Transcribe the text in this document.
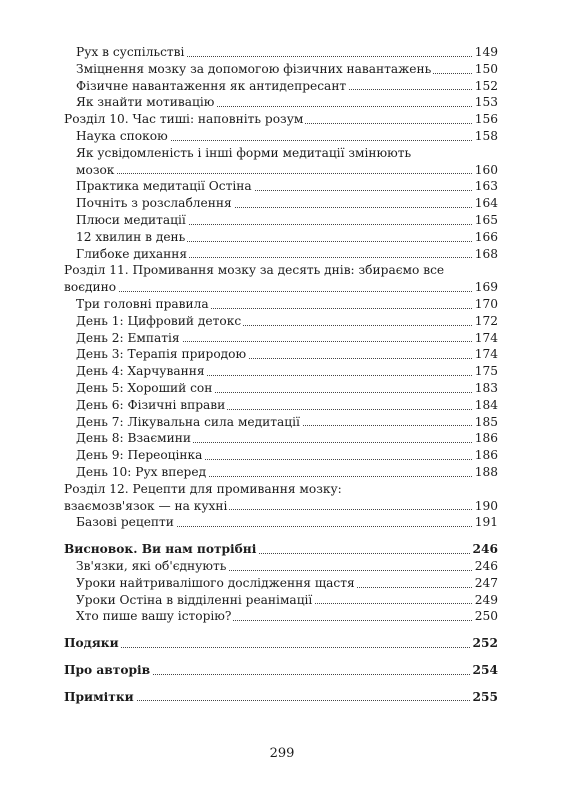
Рух в суспільстві	149
Зміцнення мозку за допомогою фізичних навантажень	150
Фізичне навантаження як антидепресант	152
Як знайти мотивацію	153
Розділ 10. Час тиші: наповніть розум	156
Наука спокою	158
Як усвідомленість і інші форми медитації змінюють
мозок	160
Практика медитації Остіна	163
Почніть з розслаблення	164
Плюси медитації	165
12 хвилин в день	166
Глибоке дихання	168
Розділ 11. Промивання мозку за десять днів: збираємо все
воєдино	169
Три головні правила	170
День 1: Цифровий детокс	172
День 2: Емпатія	174
День 3: Терапія природою	174
День 4: Харчування	175
День 5: Хороший сон	183
День 6: Фізичні вправи	184
День 7: Лікувальна сила медитації	185
День 8: Взаємини	186
День 9: Переоцінка	186
День 10: Рух вперед	188
Розділ 12. Рецепти для промивання мозку:
взаємозв'язок — на кухні	190
Базові рецепти	191
Висновок. Ви нам потрібні	246
Зв'язки, які об'єднують	246
Уроки найтривалішого дослідження щастя	247
Уроки Остіна в відділенні реанімації	249
Хто пише вашу історію?	250
Подяки	252
Про авторів	254
Примітки	255
299
